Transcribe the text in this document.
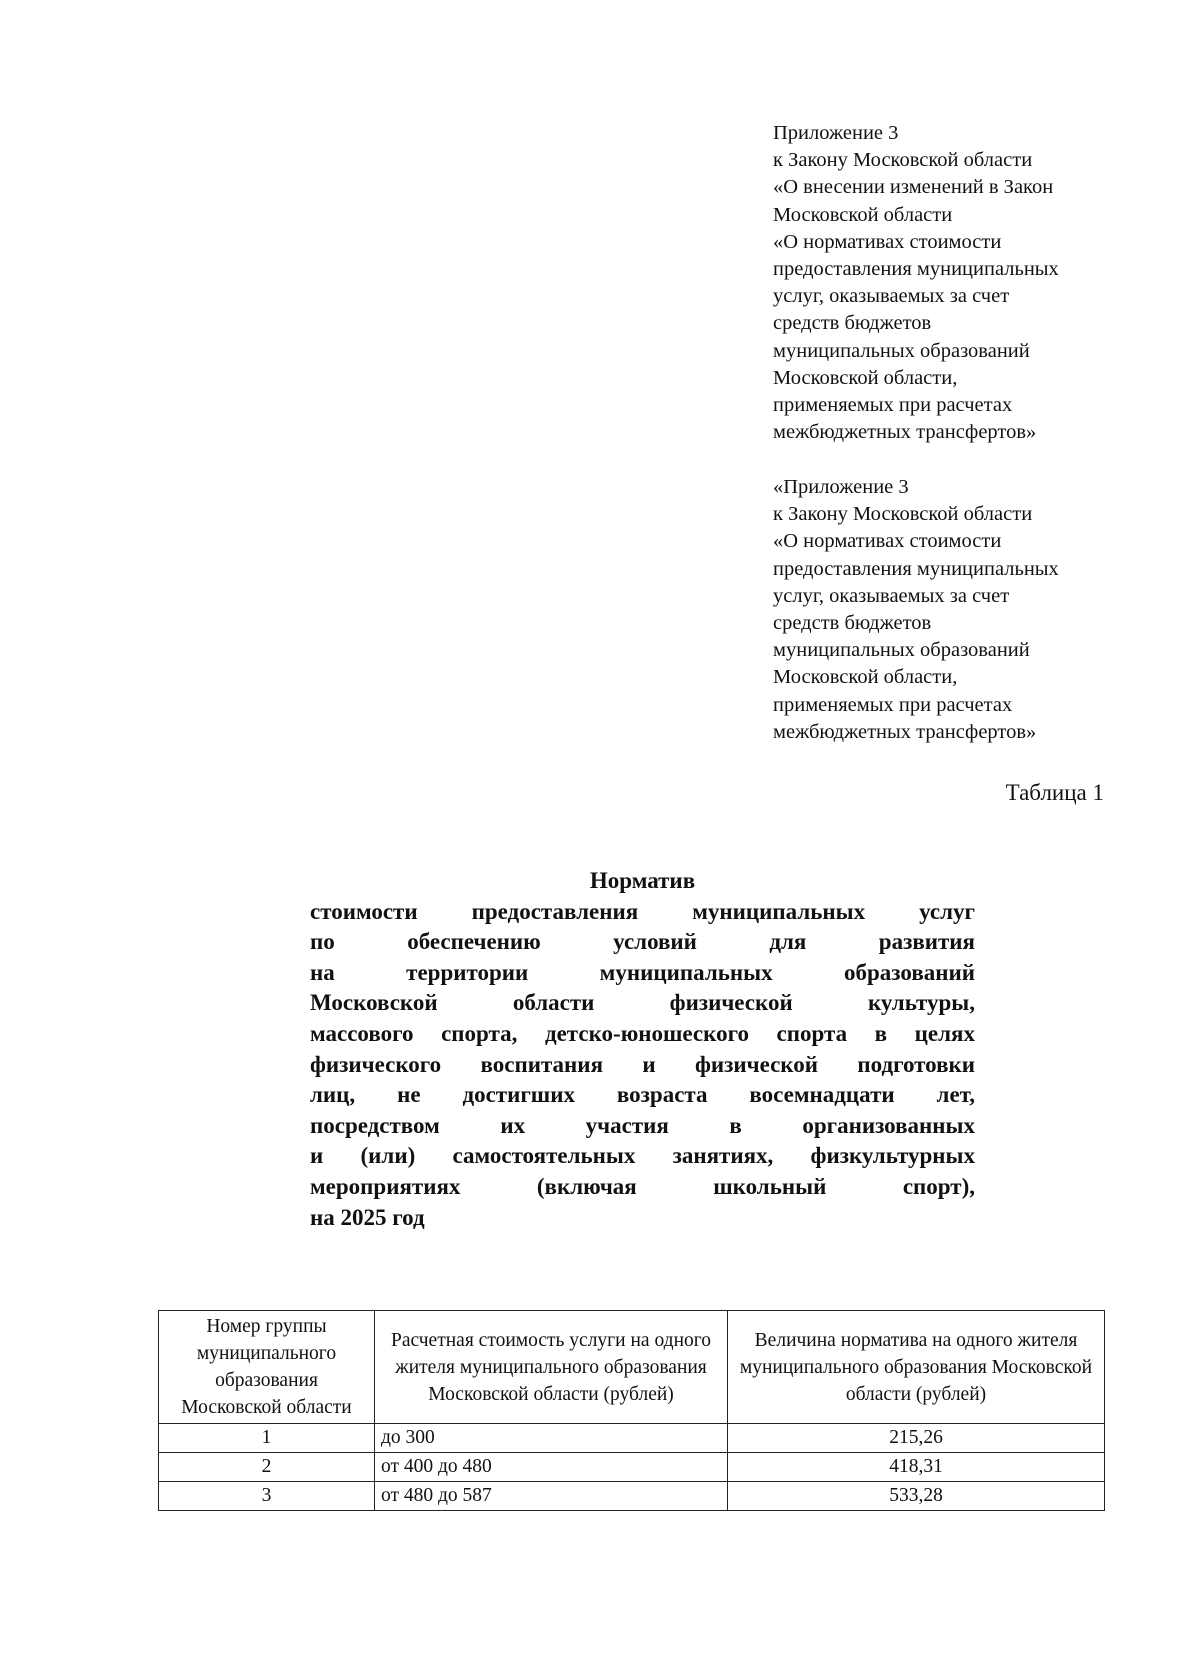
Приложение 3
к Закону Московской области
«О внесении изменений в Закон
Московской области
«О нормативах стоимости
предоставления муниципальных
услуг, оказываемых за счет
средств бюджетов
муниципальных образований
Московской области,
применяемых при расчетах
межбюджетных трансфертов»
«Приложение 3
к Закону Московской области
«О нормативах стоимости
предоставления муниципальных
услуг, оказываемых за счет
средств бюджетов
муниципальных образований
Московской области,
применяемых при расчетах
межбюджетных трансфертов»
Таблица 1
Норматив
стоимости предоставления муниципальных услуг
по обеспечению условий для развития
на территории муниципальных образований
Московской области физической культуры,
массового спорта, детско-юношеского спорта в целях
физического воспитания и физической подготовки
лиц, не достигших возраста восемнадцати лет,
посредством их участия в организованных
и (или) самостоятельных занятиях, физкультурных
мероприятиях (включая школьный спорт),
на 2025 год
Номер группы муниципального образования Московской области	Расчетная стоимость услуги на одного жителя муниципального образования Московской области (рублей)	Величина норматива на одного жителя муниципального образования Московской области (рублей)
1	до 300	215,26
2	от 400 до 480	418,31
3	от 480 до 587	533,28
